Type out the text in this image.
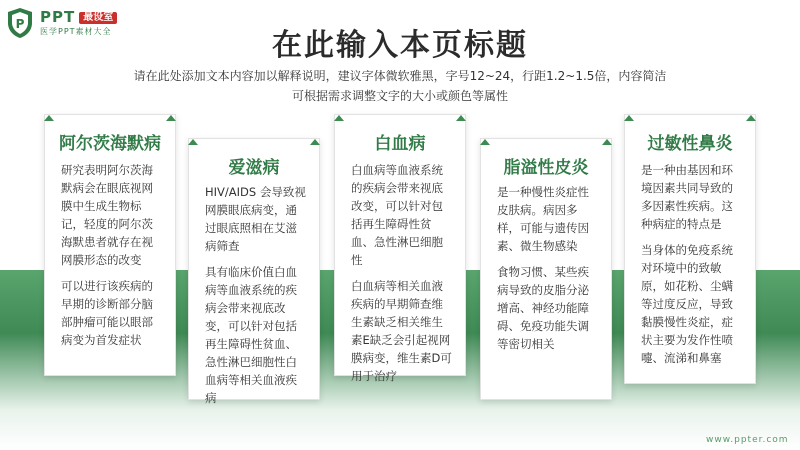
P PPT 最设室
医学PPT素材大全	在此输入本页标题
请在此处添加文本内容加以解释说明，建议字体微软雅黑，字号12~24，行距1.2~1.5倍，内容简洁
可根据需求调整文字的大小或颜色等属性
阿尔茨海默病

研究表明阿尔茨海默病会在眼底视网膜中生成生物标记，轻度的阿尔茨海默患者就存在视网膜形态的改变

可以进行该疾病的早期的诊断部分脑部肿瘤可能以眼部病变为首发症状

爱滋病

HIV/AIDS 会导致视网膜眼底病变，通过眼底照相在艾滋病筛查

具有临床价值白血病等血液系统的疾病会带来视底改变，可以针对包括再生障碍性贫血、急性淋巴细胞性白血病等相关血液疾病

白血病

白血病等血液系统的疾病会带来视底改变，可以针对包括再生障碍性贫血、急性淋巴细胞性

白血病等相关血液疾病的早期筛查维生素缺乏相关维生素E缺乏会引起视网膜病变，维生素D可用于治疗

脂溢性皮炎

是一种慢性炎症性皮肤病。病因多样，可能与遗传因素、微生物感染

食物习惯、某些疾病导致的皮脂分泌增高、神经功能障碍、免疫功能失调等密切相关

过敏性鼻炎

是一种由基因和环境因素共同导致的多因素性疾病。这种病症的特点是

当身体的免疫系统对环境中的致敏原，如花粉、尘螨等过度反应，导致黏膜慢性炎症，症状主要为发作性喷嚏、流涕和鼻塞

www.ppter.com
